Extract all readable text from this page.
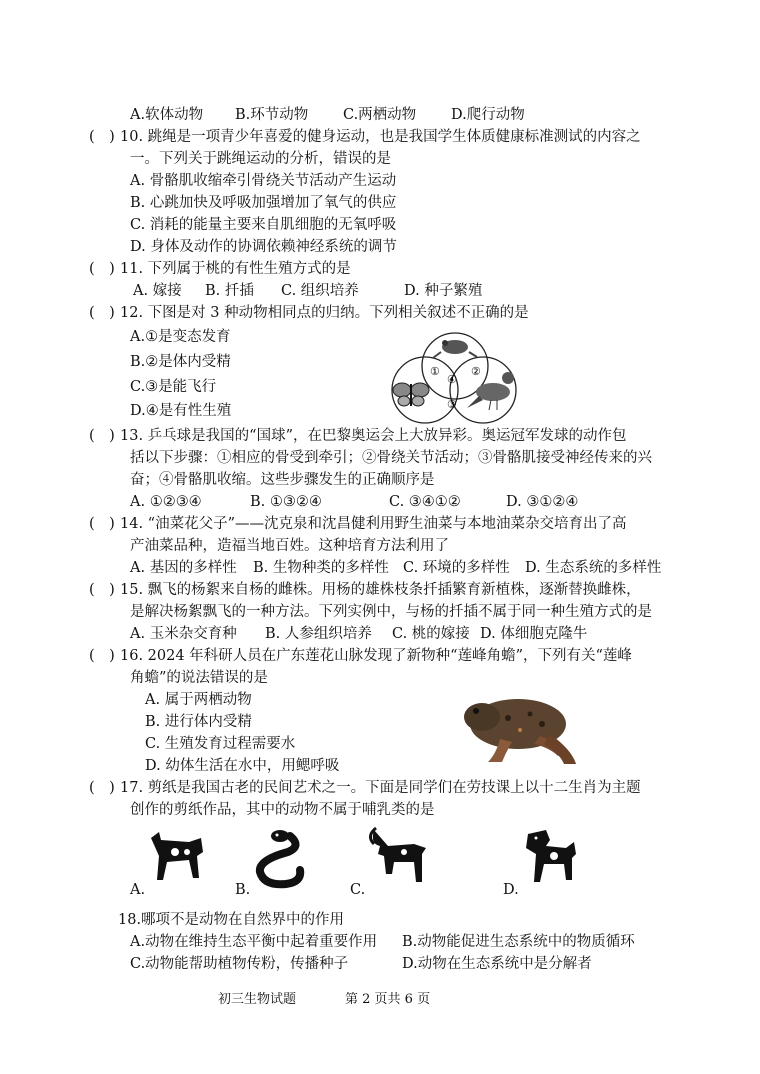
A.软体动物 B.环节动物 C.两栖动物 D.爬行动物
(　) 10. 跳绳是一项青少年喜爱的健身运动，也是我国学生体质健康标准测试的内容之
一。下列关于跳绳运动的分析，错误的是
A. 骨骼肌收缩牵引骨绕关节活动产生运动
B. 心跳加快及呼吸加强增加了氧气的供应
C. 消耗的能量主要来自肌细胞的无氧呼吸
D. 身体及动作的协调依赖神经系统的调节
(　) 11. 下列属于桃的有性生殖方式的是
A. 嫁接 B. 扦插 C. 组织培养	D. 种子繁殖
(　) 12. 下图是对 3 种动物相同点的归纳。下列相关叙述不正确的是
A.①是变态发育
B.②是体内受精
C.③是能飞行
D.④是有性生殖
①	②
③
④
(　) 13. 乒乓球是我国的“国球”，在巴黎奥运会上大放异彩。奥运冠军发球的动作包
括以下步骤：①相应的骨受到牵引；②骨绕关节活动；③骨骼肌接受神经传来的兴
奋；④骨骼肌收缩。这些步骤发生的正确顺序是
A. ①②③④	B. ①③②④	C. ③④①②	D. ③①②④
(　) 14. “油菜花父子”——沈克泉和沈昌健利用野生油菜与本地油菜杂交培育出了高
产油菜品种，造福当地百姓。这种培育方法利用了
A. 基因的多样性 B. 生物种类的多样性 C. 环境的多样性 D. 生态系统的多样性
(　) 15. 飘飞的杨絮来自杨的雌株。用杨的雄株枝条扦插繁育新植株，逐渐替换雌株，
是解决杨絮飘飞的一种方法。下列实例中，与杨的扦插不属于同一种生殖方式的是
A. 玉米杂交育种 B. 人参组织培养 C. 桃的嫁接 D. 体细胞克隆牛
(　) 16. 2024 年科研人员在广东莲花山脉发现了新物种“莲峰角蟾”，下列有关“莲峰
角蟾”的说法错误的是
A. 属于两栖动物
B. 进行体内受精
C. 生殖发育过程需要水
D. 幼体生活在水中，用鳃呼吸
(　) 17. 剪纸是我国古老的民间艺术之一。下面是同学们在劳技课上以十二生肖为主题
创作的剪纸作品，其中的动物不属于哺乳类的是
A.	B.	C.	D.
18.哪项不是动物在自然界中的作用
A.动物在维持生态平衡中起着重要作用 B.动物能促进生态系统中的物质循环
C.动物能帮助植物传粉，传播种子	D.动物在生态系统中是分解者
初三生物试题	第 2 页共 6 页
